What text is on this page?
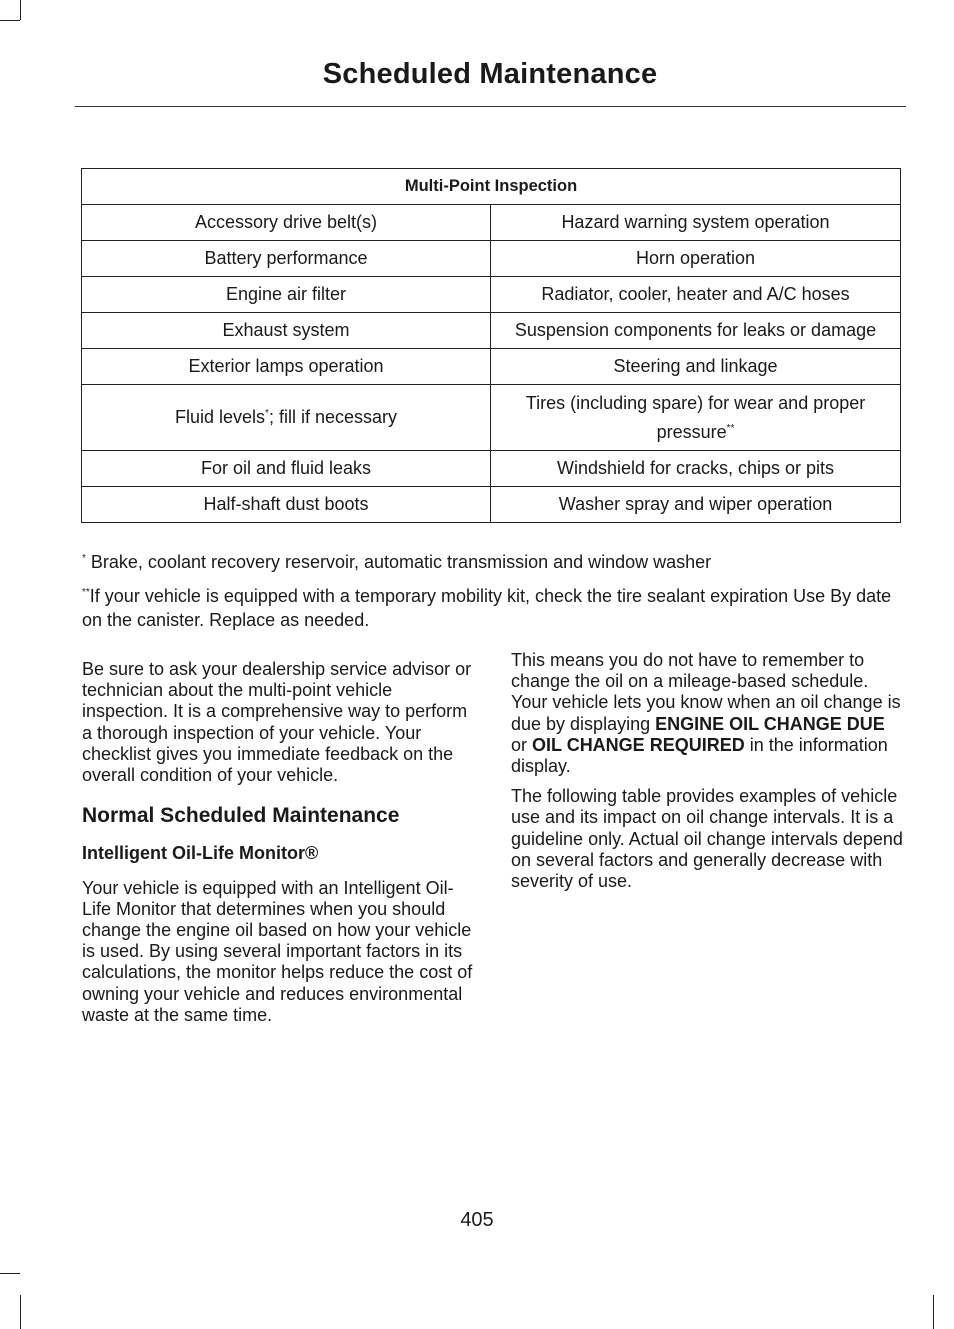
Scheduled Maintenance
Multi-Point Inspection	
Accessory drive belt(s)	Hazard warning system operation
Battery performance	Horn operation
Engine air filter	Radiator, cooler, heater and A/C hoses
Exhaust system	Suspension components for leaks or damage
Exterior lamps operation	Steering and linkage
Fluid levels*; fill if necessary	Tires (including spare) for wear and proper pressure**
For oil and fluid leaks	Windshield for cracks, chips or pits
Half-shaft dust boots	Washer spray and wiper operation
* Brake, coolant recovery reservoir, automatic transmission and window washer
**If your vehicle is equipped with a temporary mobility kit, check the tire sealant expiration Use By date on the canister. Replace as needed.

Be sure to ask your dealership service advisor or technician about the multi-point vehicle inspection. It is a comprehensive way to perform a thorough inspection of your vehicle. Your checklist gives you immediate feedback on the overall condition of your vehicle.

Normal Scheduled Maintenance

Intelligent Oil-Life Monitor®

Your vehicle is equipped with an Intelligent Oil-Life Monitor that determines when you should change the engine oil based on how your vehicle is used. By using several important factors in its calculations, the monitor helps reduce the cost of owning your vehicle and reduces environmental waste at the same time.

This means you do not have to remember to change the oil on a mileage-based schedule. Your vehicle lets you know when an oil change is due by displaying ENGINE OIL CHANGE DUE or OIL CHANGE REQUIRED in the information display.

The following table provides examples of vehicle use and its impact on oil change intervals. It is a guideline only. Actual oil change intervals depend on several factors and generally decrease with severity of use.

405
